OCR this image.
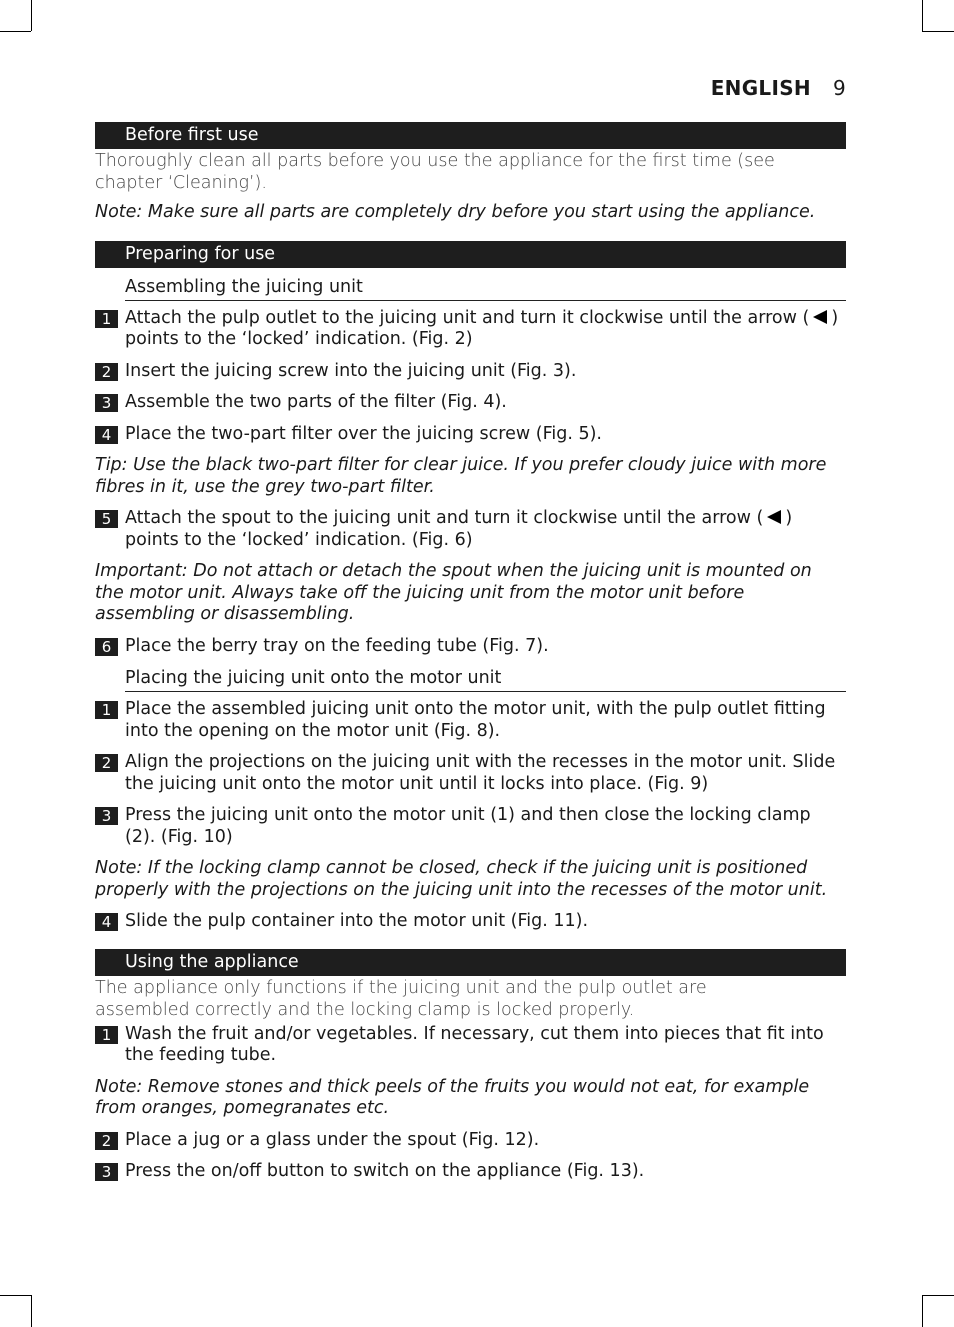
ENGLISH 9
Before first use
Thoroughly clean all parts before you use the appliance for the first time (see chapter ‘Cleaning’).
Note: Make sure all parts are completely dry before you start using the appliance.
Preparing for use
Assembling the juicing unit
1 Attach the pulp outlet to the juicing unit and turn it clockwise until the arrow ( ) points to the ‘locked’ indication. (Fig. 2)
2 Insert the juicing screw into the juicing unit (Fig. 3).
3 Assemble the two parts of the filter (Fig. 4).
4 Place the two-part filter over the juicing screw (Fig. 5).
Tip: Use the black two-part filter for clear juice. If you prefer cloudy juice with more fibres in it, use the grey two-part filter.
5 Attach the spout to the juicing unit and turn it clockwise until the arrow ( ) points to the ‘locked’ indication. (Fig. 6)
Important: Do not attach or detach the spout when the juicing unit is mounted on the motor unit. Always take off the juicing unit from the motor unit before assembling or disassembling.
6 Place the berry tray on the feeding tube (Fig. 7).
Placing the juicing unit onto the motor unit
1 Place the assembled juicing unit onto the motor unit, with the pulp outlet fitting into the opening on the motor unit (Fig. 8).
2 Align the projections on the juicing unit with the recesses in the motor unit. Slide the juicing unit onto the motor unit until it locks into place. (Fig. 9)
3 Press the juicing unit onto the motor unit (1) and then close the locking clamp (2). (Fig. 10)
Note: If the locking clamp cannot be closed, check if the juicing unit is positioned properly with the projections on the juicing unit into the recesses of the motor unit.
4 Slide the pulp container into the motor unit (Fig. 11).
Using the appliance
The appliance only functions if the juicing unit and the pulp outlet are assembled correctly and the locking clamp is locked properly.
1 Wash the fruit and/or vegetables. If necessary, cut them into pieces that fit into the feeding tube.
Note: Remove stones and thick peels of the fruits you would not eat, for example from oranges, pomegranates etc.
2 Place a jug or a glass under the spout (Fig. 12).
3 Press the on/off button to switch on the appliance (Fig. 13).
